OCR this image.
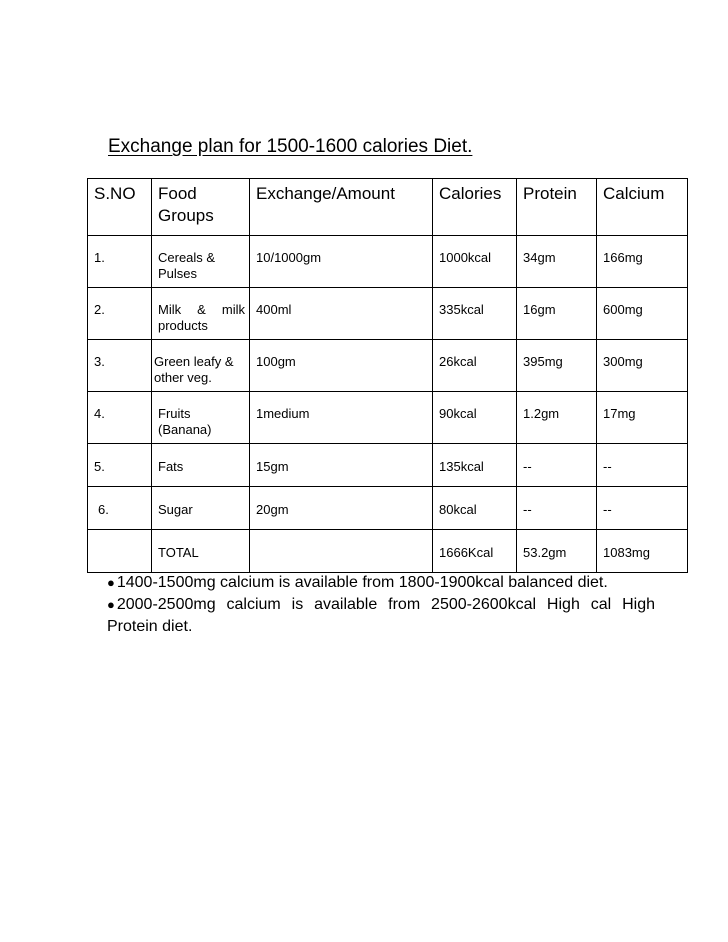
Exchange plan for 1500-1600 calories Diet.
S.NO	Food Groups	Exchange/Amount	Calories	Protein	Calcium
1.	Cereals & Pulses	10/1000gm	1000kcal	34gm	166mg
2.	Milk & milk products	400ml	335kcal	16gm	600mg
3.	Green leafy & other veg.	100gm	26kcal	395mg	300mg
4.	Fruits (Banana)	1medium	90kcal	1.2gm	17mg
5.	Fats	15gm	135kcal	--	--
6.	Sugar	20gm	80kcal	--	--
	TOTAL		1666Kcal	53.2gm	1083mg

● 1400-1500mg calcium is available from 1800-1900kcal balanced diet.

● 2000-2500mg calcium is available from 2500-2600kcal High cal High Protein diet.
